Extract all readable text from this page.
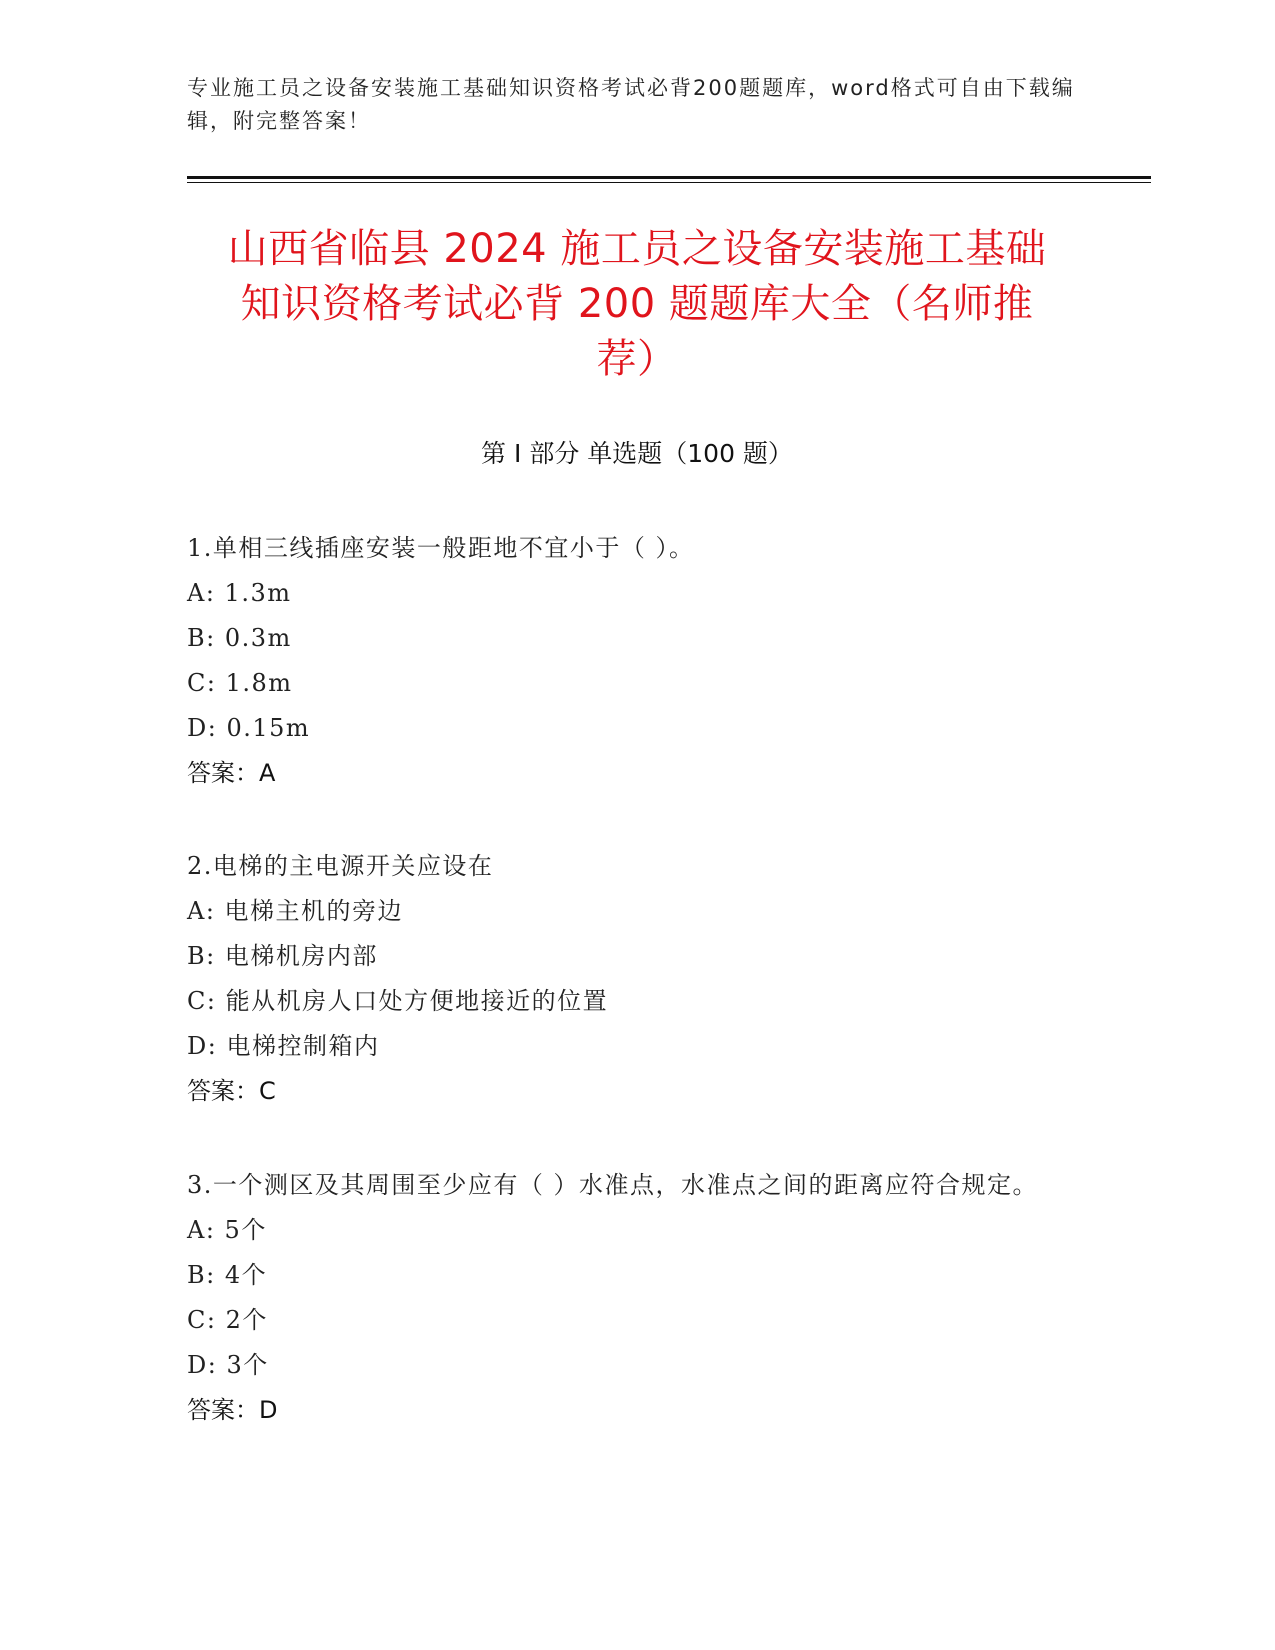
专业施工员之设备安装施工基础知识资格考试必背200题题库，word格式可自由下载编辑，附完整答案！
山西省临县 2024 施工员之设备安装施工基础
知识资格考试必背 200 题题库大全（名师推
荐）
第 I 部分 单选题（100 题）
1.单相三线插座安装一般距地不宜小于（ ）。
A: 1.3m
B: 0.3m
C: 1.8m
D: 0.15m
答案：A
2.电梯的主电源开关应设在
A: 电梯主机的旁边
B: 电梯机房内部
C: 能从机房人口处方便地接近的位置
D: 电梯控制箱内
答案：C
3.一个测区及其周围至少应有（ ）水准点，水准点之间的距离应符合规定。
A: 5个
B: 4个
C: 2个
D: 3个
答案：D
